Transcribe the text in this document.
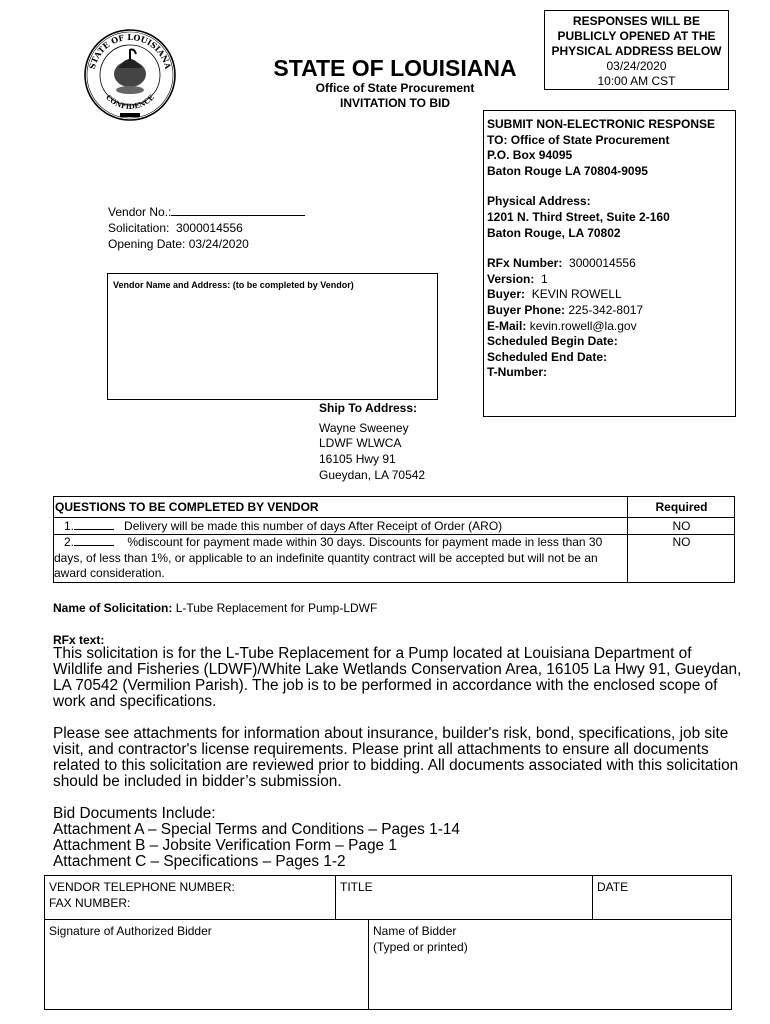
STATE OF LOUISIANA
CONFIDENCE
STATE OF LOUISIANA
Office of State Procurement
INVITATION TO BID
RESPONSES WILL BE
PUBLICLY OPENED AT THE
PHYSICAL ADDRESS BELOW
03/24/2020
10:00 AM CST
SUBMIT NON-ELECTRONIC RESPONSE
TO: Office of State Procurement
P.O. Box 94095
Baton Rouge LA 70804-9095
Physical Address:
1201 N. Third Street, Suite 2-160
Baton Rouge, LA 70802
RFx Number: 3000014556
Version: 1
Buyer: KEVIN ROWELL
Buyer Phone: 225-342-8017
E-Mail: kevin.rowell@la.gov
Scheduled Begin Date:
Scheduled End Date:
T-Number:
Vendor No.:
Solicitation: 3000014556
Opening Date: 03/24/2020
Vendor Name and Address: (to be completed by Vendor)
Ship To Address:
Wayne Sweeney
LDWF WLWCA
16105 Hwy 91
Gueydan, LA 70542
QUESTIONS TO BE COMPLETED BY VENDOR	Required
1.	Delivery will be made this number of days After Receipt of Order (ARO)	NO
2.	%discount for payment made within 30 days. Discounts for payment made in less than 30
days, of less than 1%, or applicable to an indefinite quantity contract will be accepted but will not be an
award consideration.
NO
Name of Solicitation: L-Tube Replacement for Pump-LDWF
RFx text:

This solicitation is for the L-Tube Replacement for a Pump located at Louisiana Department of Wildlife and Fisheries (LDWF)/White Lake Wetlands Conservation Area, 16105 La Hwy 91, Gueydan, LA 70542 (Vermilion Parish). The job is to be performed in accordance with the enclosed scope of work and specifications.

Please see attachments for information about insurance, builder's risk, bond, specifications, job site visit, and contractor's license requirements. Please print all attachments to ensure all documents related to this solicitation are reviewed prior to bidding. All documents associated with this solicitation should be included in bidder’s submission.

Bid Documents Include:

Attachment A – Special Terms and Conditions – Pages 1-14

Attachment B – Jobsite Verification Form – Page 1

Attachment C – Specifications – Pages 1-2

VENDOR TELEPHONE NUMBER:
FAX NUMBER:
TITLE	DATE
Signature of Authorized Bidder	Name of Bidder
(Typed or printed)
